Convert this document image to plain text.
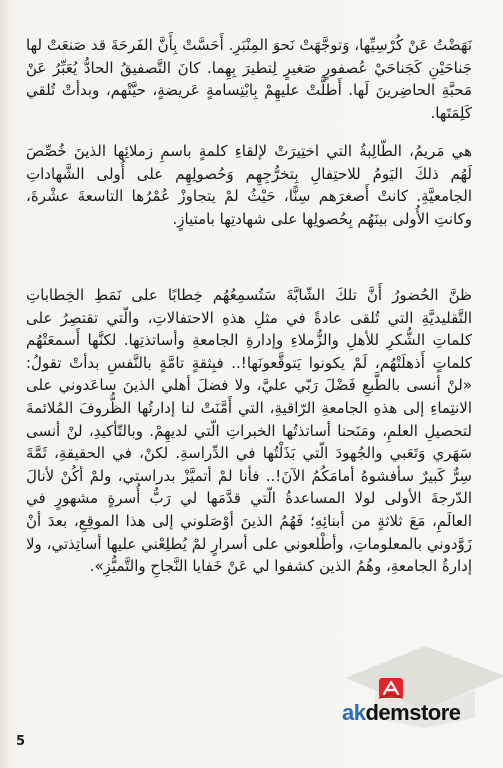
نَهَضْتُ عَنْ كُرْسِيِّها، وَتوجَّهَتْ نَحوَ المِنْبَرِ. أَحَسَّتْ بِأَنَّ الفَرحَةَ قد صَنعَتْ لها جَناحَيْنِ كَجَناحَيْ عُصفورٍ صَغيرٍ لِتطيرَ بِهِما. كانَ التَّصفيقُ الحادُّ يُعَبِّرُ عَنْ مَحبَّةِ الحاضِرينَ لَها. أَطلَّتْ عليهِمْ بِابْتِسامةٍ عَريضةٍ، حيَّتْهم، وبدأتْ تُلقي كَلِمَتَها.

هي مَريمُ، الطّالِبةُ التي اختِيرَتْ لإلقاءِ كلمةٍ باسمِ زملائِها الذينَ خُصِّصَ لَهُم ذلكَ اليَومُ للاحتِفالِ بِتخرُّجِهِم وَحُصولِهِم على أُولى الشَّهاداتِ الجامعيَّةِ. كانتْ أَصغرَهم سِنًّا، حَيْثُ لمْ يتجاوزْ عُمْرُها التاسعةَ عشْرةَ، وكانتِ الأُولى بينَهُم بِحُصولِها على شهادتِها بامتيازٍ.

ظنَّ الحُضورُ أَنَّ تلكَ الشّابَّةَ سَتُسمِعُهُم خِطابًا على نَمَطِ الخِطاباتِ التَّقليديَّةِ التي تُلقى عادةً في مثلِ هذهِ الاحتفالاتِ، والّتي تقتصِرُ على كلماتِ الشُّكرِ للأهلِ والزُّملاءِ وإدارةِ الجامعةِ وأساتذتِها. لكنَّها أَسمعَتْهُم كلماتٍ أَذهلَتْهُم، لَمْ يكونوا يَتوقَّعونَها!.. فبِثقةٍ تامَّةٍ بالنَّفسِ بدأتْ تقولُ: «لنْ أنسى بالطَّبعِ فَضْلَ رَبّي عليَّ، ولا فضلَ أهلي الذينَ ساعَدوني على الانتِماءِ إلى هذهِ الجامعةِ الرّاقيةِ، التي أَمَّنَتْ لنا إدارتُها الظُّروفَ المُلائمةَ لتحصيلِ العلمِ، ومَنَحنا أساتذتُها الخبراتِ الّتي لديهِمْ. وبالتّأكيدِ، لنْ أنسى سَهَري وَتَعَبي والجُهودَ الّتي بَذَلْتُها في الدِّراسةِ. لكنْ، في الحقيقةِ، ثَمَّةَ سِرٌّ كَبيرٌ سأفشوهُ أمامَكُمُ الآنَ!.. فأنا لمْ أتميَّزْ بدراستي، ولمْ أكُنْ لأنالَ الدّرجةَ الأولى لولا المساعدةُ الّتي قدَّمَها لي رَبُّ أُسرةٍ مشهورٍ في العالَمِ، مَعَ ثلاثةٍ من أبنائِهِ؛ فَهُمُ الذينَ أوْصَلوني إلى هذا الموقِعِ، بعدَ أنْ زَوَّدوني بالمعلوماتِ، وأطْلعوني على أسرارٍ لمْ يُطلِعْني عليها أساتِذتي، ولا إدارةُ الجامعةِ، وهُمُ الذين كشفوا لي عَنْ خَفايا النَّجاحِ والتَّميُّزِ».

akdemstore
5
